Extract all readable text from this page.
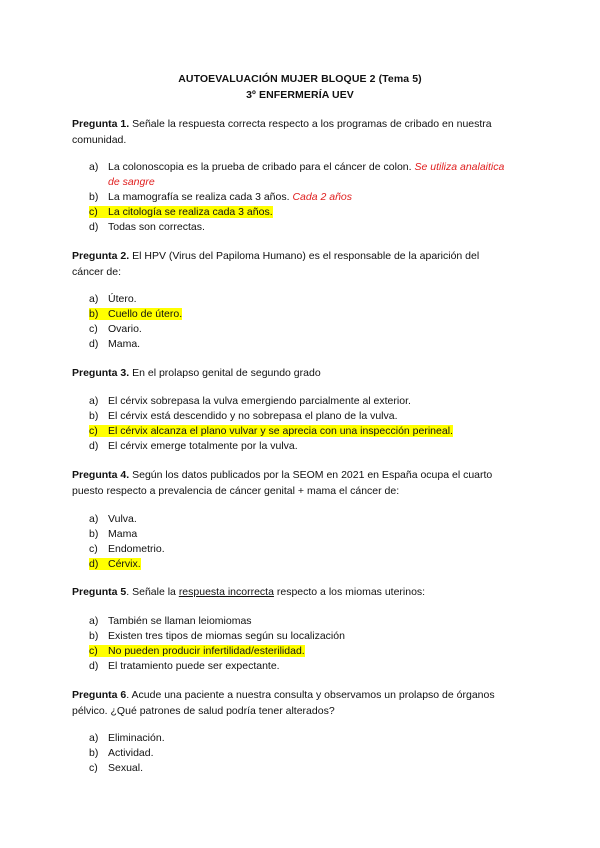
AUTOEVALUACIÓN MUJER BLOQUE 2 (Tema 5)
3º ENFERMERÍA UEV
Pregunta 1. Señale la respuesta correcta respecto a los programas de cribado en nuestra
comunidad.
a) La colonoscopia es la prueba de cribado para el cáncer de colon. Se utiliza analaitica
de sangre
b) La mamografía se realiza cada 3 años. Cada 2 años
c) La citología se realiza cada 3 años.
d) Todas son correctas.
Pregunta 2. El HPV (Virus del Papiloma Humano) es el responsable de la aparición del
cáncer de:
a) Útero.
b) Cuello de útero.
c) Ovario.
d) Mama.
Pregunta 3. En el prolapso genital de segundo grado
a) El cérvix sobrepasa la vulva emergiendo parcialmente al exterior.
b) El cérvix está descendido y no sobrepasa el plano de la vulva.
c) El cérvix alcanza el plano vulvar y se aprecia con una inspección perineal.
d) El cérvix emerge totalmente por la vulva.
Pregunta 4. Según los datos publicados por la SEOM en 2021 en España ocupa el cuarto
puesto respecto a prevalencia de cáncer genital + mama el cáncer de:
a) Vulva.
b) Mama
c) Endometrio.
d) Cérvix.
Pregunta 5. Señale la respuesta incorrecta respecto a los miomas uterinos:
a) También se llaman leiomiomas
b) Existen tres tipos de miomas según su localización
c) No pueden producir infertilidad/esterilidad.
d) El tratamiento puede ser expectante.
Pregunta 6. Acude una paciente a nuestra consulta y observamos un prolapso de órganos
pélvico. ¿Qué patrones de salud podría tener alterados?
a) Eliminación.
b) Actividad.
c) Sexual.
